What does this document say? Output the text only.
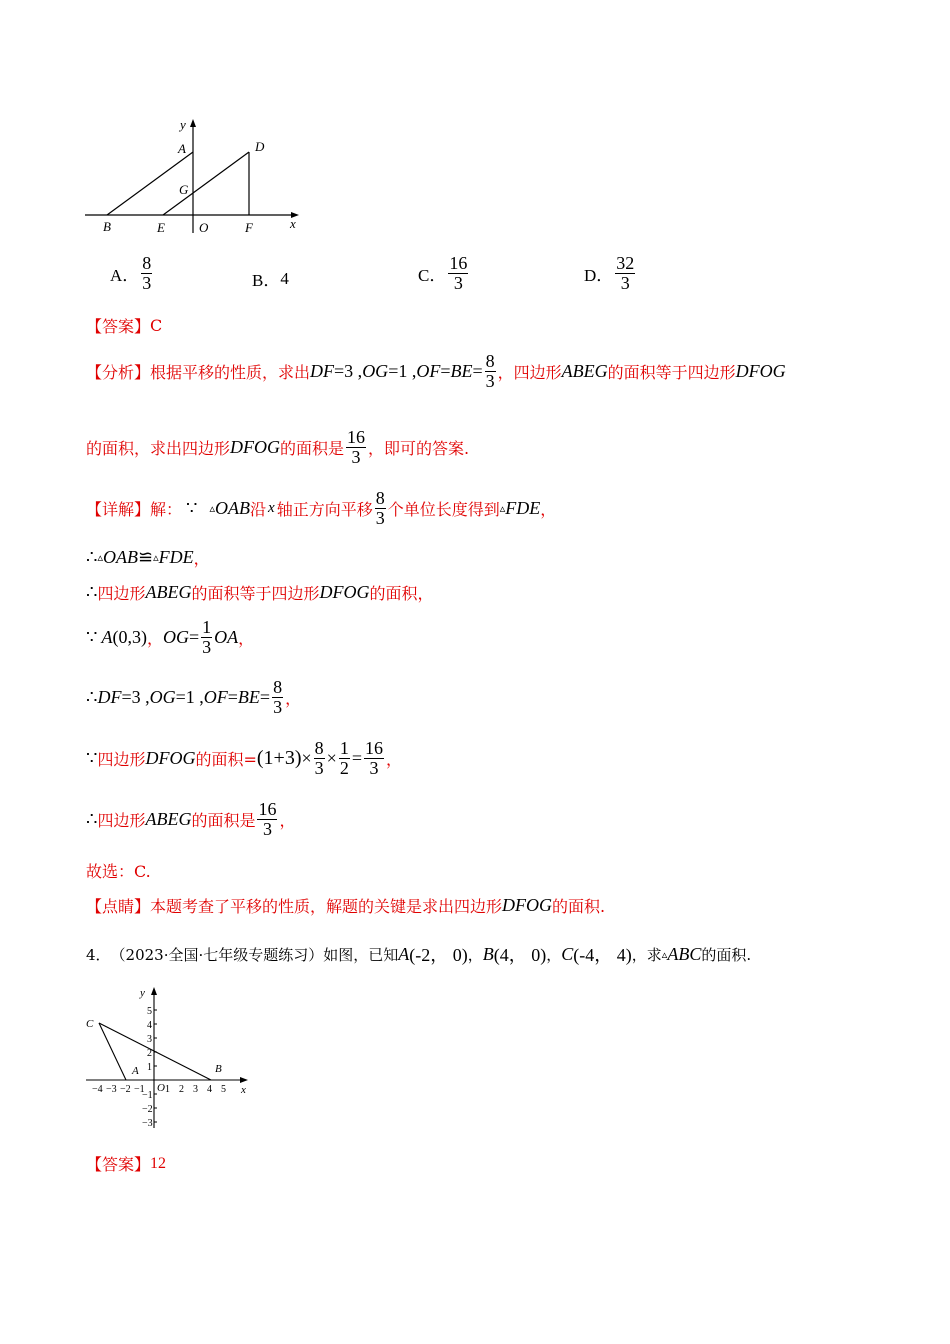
y
x
A	D
G
B	E	O	F
A． $\frac{8}{3}$	B． 4	C． $\frac{16}{3}$	D． $\frac{32}{3}$
【答案】 C
【分析】 根据平移的性质，求出 DF =3 , OG =1 , OF = BE = $\frac{8}{3}$ ，四边形 ABEG 的面积等于四边形 DFOG
的面积，求出四边形 DFOG 的面积是 $\frac{16}{3}$ ，即可的答案.
【详解】 解： ∵ ▵ OAB 沿 x 轴正方向平移 $\frac{8}{3}$ 个单位长度得到 ▵ FDE ，
∴ ▵ OAB ≌ ▵ FDE ，
∴ 四边形 ABEG 的面积等于四边形 DFOG 的面积 ，
∵ A (0,3) ， OG = $\frac{1}{3}$ OA ，
∴ DF =3 , OG =1 , OF = BE = $\frac{8}{3}$ ，
∵ 四边形 DFOG 的面积= $(1+3) \times \frac{8}{3} \times \frac{1}{2} = \frac{16}{3}$ ，
∴ 四边形 ABEG 的面积是 $\frac{16}{3}$ ，
故选：C.
【点睛】 本题考查了平移的性质，解题的关键是求出四边形 DFOG 的面积.
4． （2023·全国·七年级专题练习）如图，已知 A (-2， 0) ， B (4， 0) ， C (-4， 4) ，求 ▵ ABC 的面积.
−4 −3 −2 −1 1 2 3 4 5
5
4
3
2
1
−1
−2
−3
y
x
C
A	B
O
【答案】 12
